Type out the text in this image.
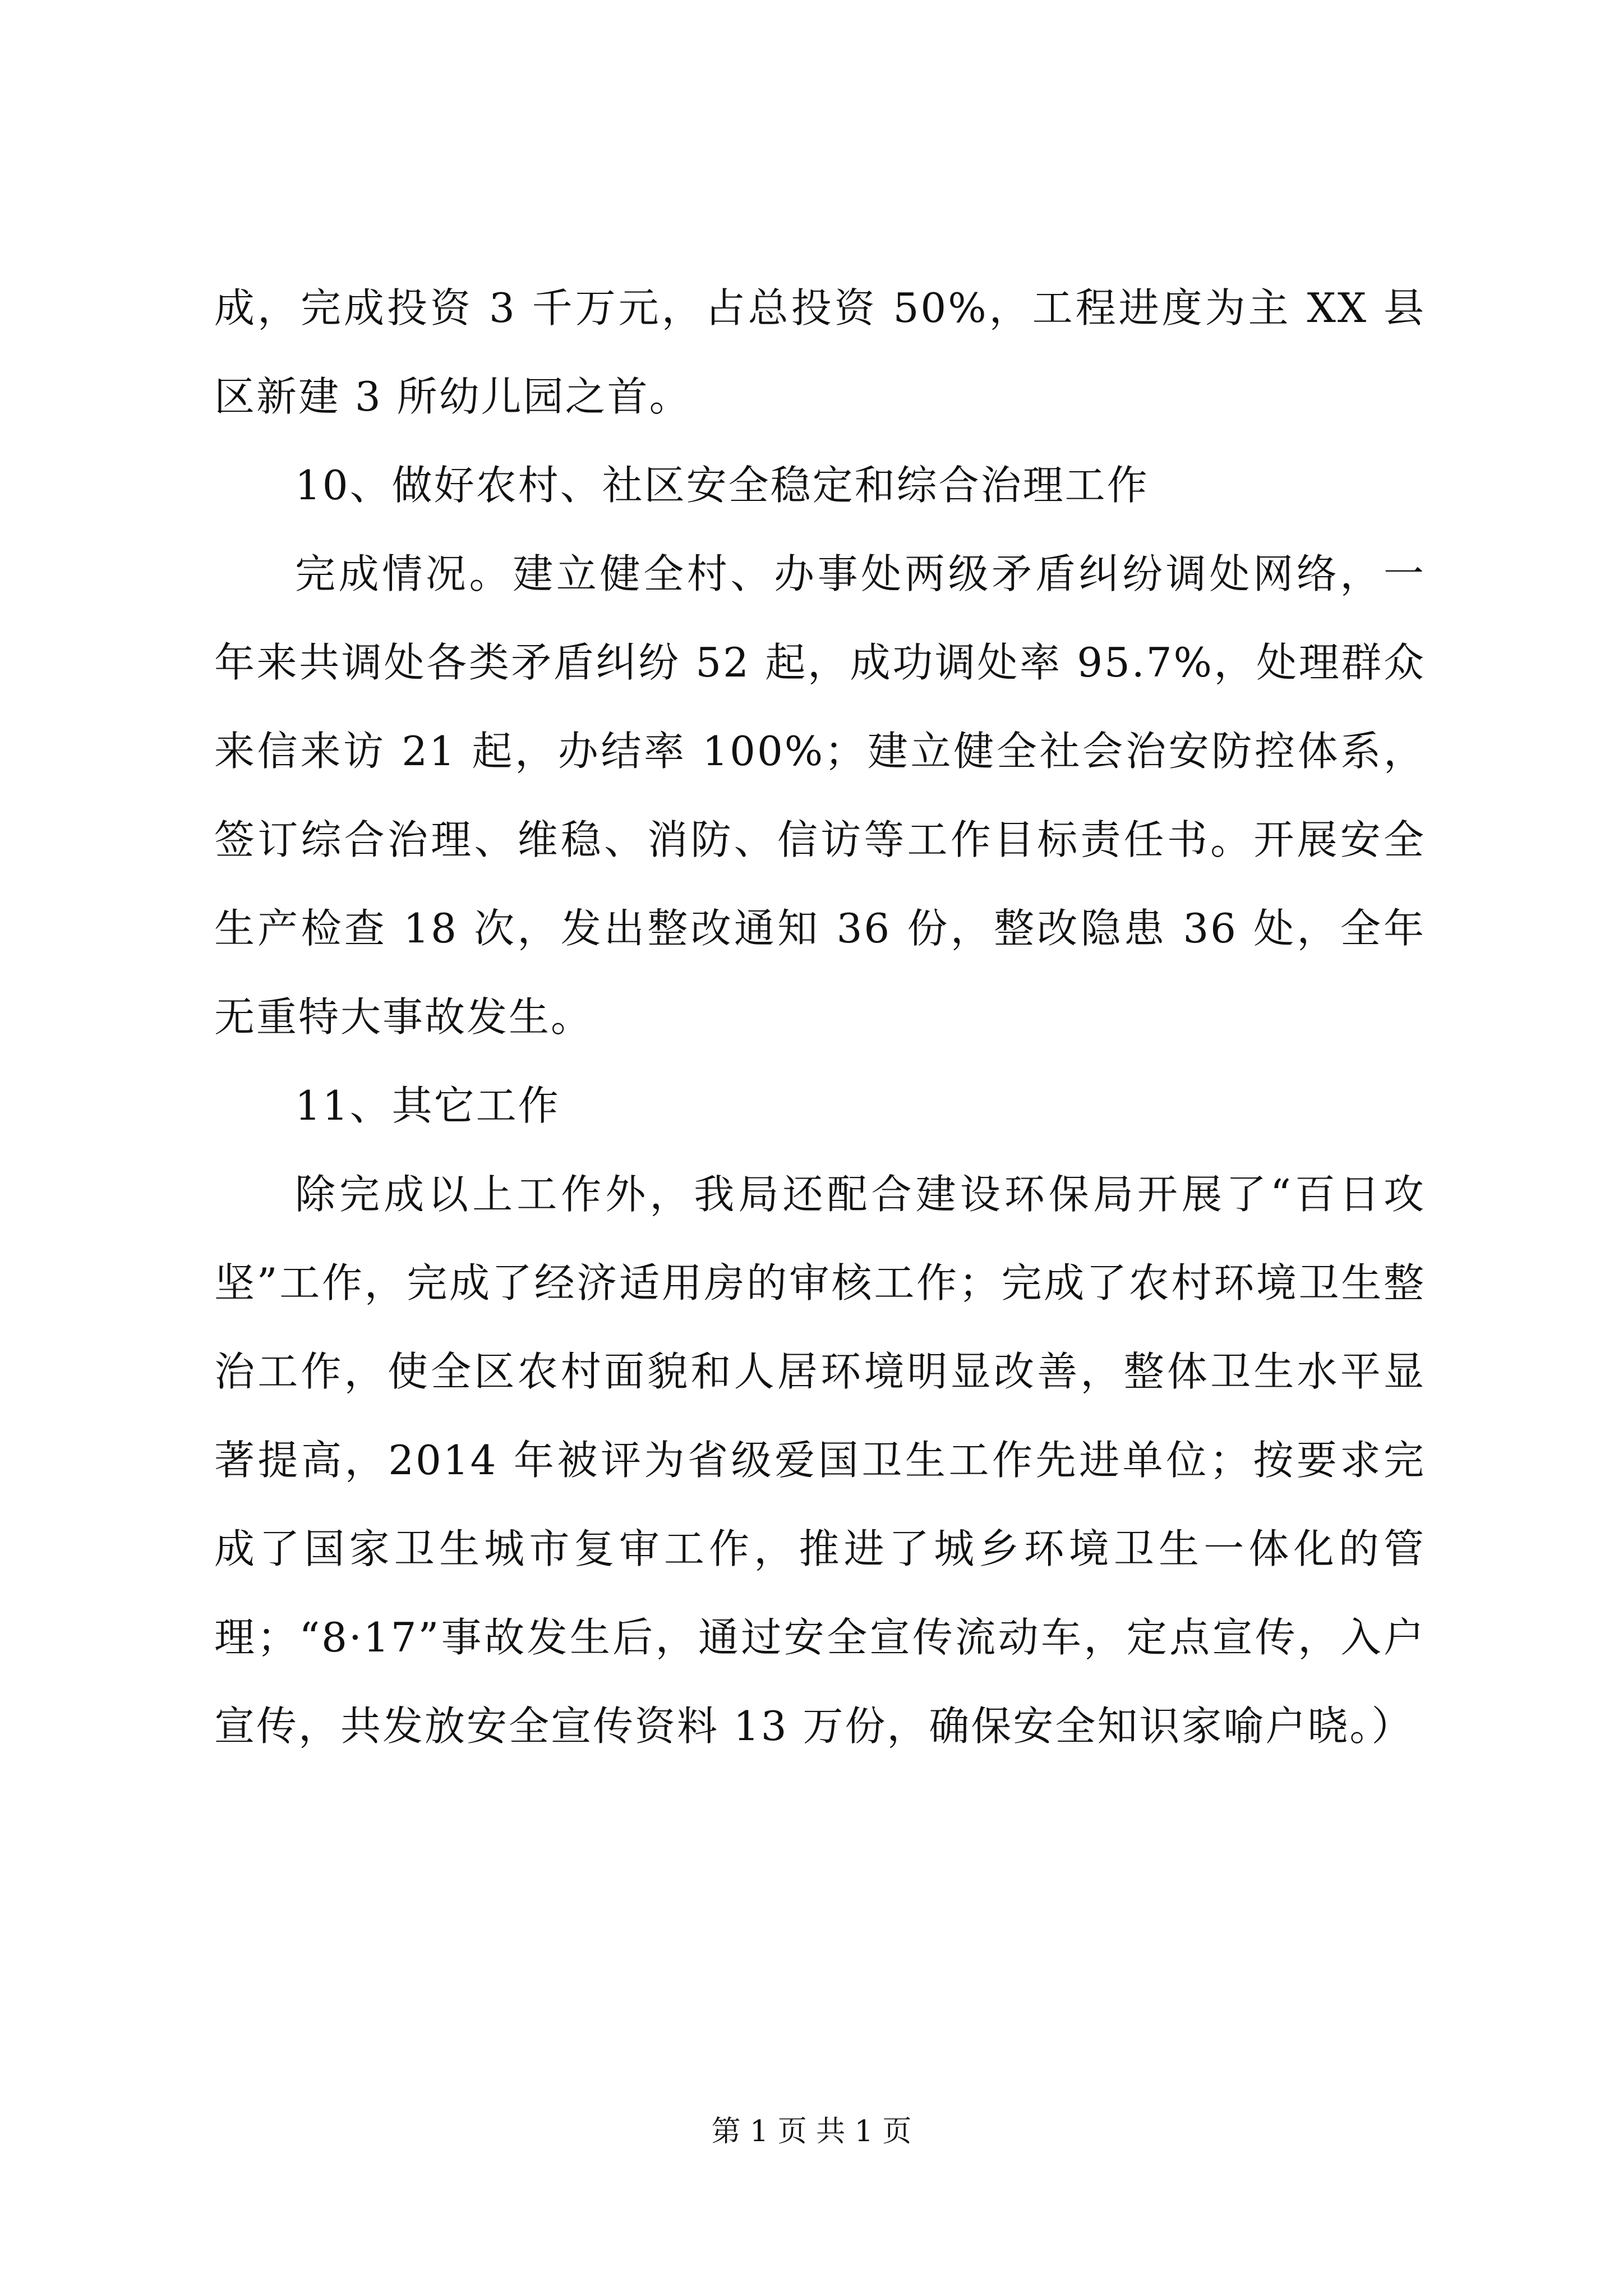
成，完成投资 3 千万元，占总投资 50%，工程进度为主 XX 县区新建 3 所幼儿园之首。

10、做好农村、社区安全稳定和综合治理工作

完成情况。建立健全村、办事处两级矛盾纠纷调处网络，一年来共调处各类矛盾纠纷 52 起，成功调处率 95.7%，处理群众来信来访 21 起，办结率 100%；建立健全社会治安防控体系，签订综合治理、维稳、消防、信访等工作目标责任书。开展安全生产检查 18 次，发出整改通知 36 份，整改隐患 36 处，全年无重特大事故发生。

11、其它工作

除完成以上工作外，我局还配合建设环保局开展了“百日攻坚”工作，完成了经济适用房的审核工作；完成了农村环境卫生整治工作，使全区农村面貌和人居环境明显改善，整体卫生水平显著提高，2014 年被评为省级爱国卫生工作先进单位；按要求完成了国家卫生城市复审工作，推进了城乡环境卫生一体化的管理；“8·17”事故发生后，通过安全宣传流动车，定点宣传，入户宣传，共发放安全宣传资料 13 万份，确保安全知识家喻户晓。）

第 1 页 共 1 页
